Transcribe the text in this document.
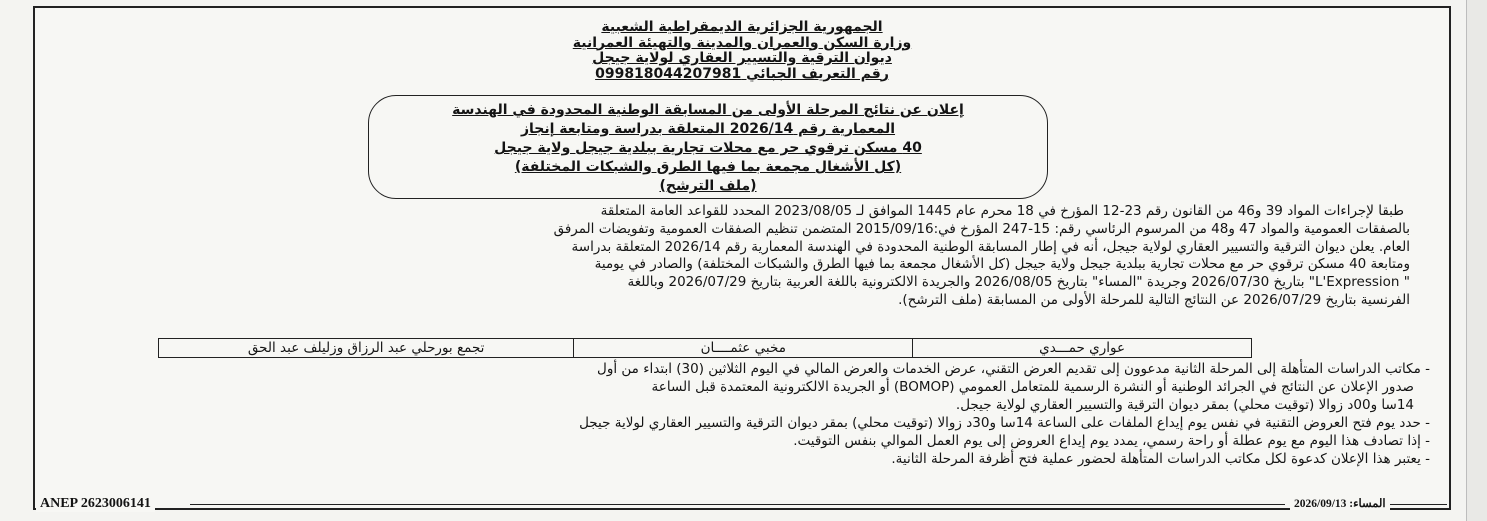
الجمهورية الجزائرية الديمقراطية الشعبية
وزارة السكن والعمران والمدينة والتهيئة العمرانية
ديوان الترقية والتسيير العقاري لولاية جيجل
رقم التعريف الجبائي 099818044207981
إعلان عن نتائج المرحلة الأولى من المسابقة الوطنية المحدودة في الهندسة
المعمارية رقم 2026/14 المتعلقة بدراسة ومتابعة إنجاز
40 مسكن ترقوي حر مع محلات تجارية ببلدية جيجل ولاية جيجل
(كل الأشغال مجمعة بما فيها الطرق والشبكات المختلفة)
(ملف الترشح)
طبقا لإجراءات المواد 39 و46 من القانون رقم 23-12 المؤرخ في 18 محرم عام 1445 الموافق لـ 2023/08/05 المحدد للقواعد العامة المتعلقة
بالصفقات العمومية والمواد 47 و48 من المرسوم الرئاسي رقم: 15-247 المؤرخ في:2015/09/16 المتضمن تنظيم الصفقات العمومية وتفويضات المرفق
العام. يعلن ديوان الترقية والتسيير العقاري لولاية جيجل، أنه في إطار المسابقة الوطنية المحدودة في الهندسة المعمارية رقم 2026/14 المتعلقة بدراسة
ومتابعة 40 مسكن ترقوي حر مع محلات تجارية ببلدية جيجل ولاية جيجل (كل الأشغال مجمعة بما فيها الطرق والشبكات المختلفة) والصادر في يومية
" L'Expression" بتاريخ 2026/07/30 وجريدة "المساء" بتاريخ 2026/08/05 والجريدة الالكترونية باللغة العربية بتاريخ 2026/07/29 وباللغة
الفرنسية بتاريخ 2026/07/29 عن النتائج التالية للمرحلة الأولى من المسابقة (ملف الترشح).
عواري حمـــدي	مخبي عثمــــان	تجمع بورحلي عبد الرزاق وزليلف عبد الحق
- مكاتب الدراسات المتأهلة إلى المرحلة الثانية مدعوون إلى تقديم العرض التقني، عرض الخدمات والعرض المالي في اليوم الثلاثين (30) ابتداء من أول
صدور الإعلان عن النتائج في الجرائد الوطنية أو النشرة الرسمية للمتعامل العمومي (BOMOP) أو الجريدة الالكترونية المعتمدة قبل الساعة
14سا و00د زوالا (توقيت محلي) بمقر ديوان الترقية والتسيير العقاري لولاية جيجل.
- حدد يوم فتح العروض التقنية في نفس يوم إيداع الملفات على الساعة 14سا و30د زوالا (توقيت محلي) بمقر ديوان الترقية والتسيير العقاري لولاية جيجل
- إذا تصادف هذا اليوم مع يوم عطلة أو راحة رسمي، يمدد يوم إيداع العروض إلى يوم العمل الموالي بنفس التوقيت.
- يعتبر هذا الإعلان كدعوة لكل مكاتب الدراسات المتأهلة لحضور عملية فتح أظرفة المرحلة الثانية.
ANEP 2623006141	المساء: 2026/09/13
